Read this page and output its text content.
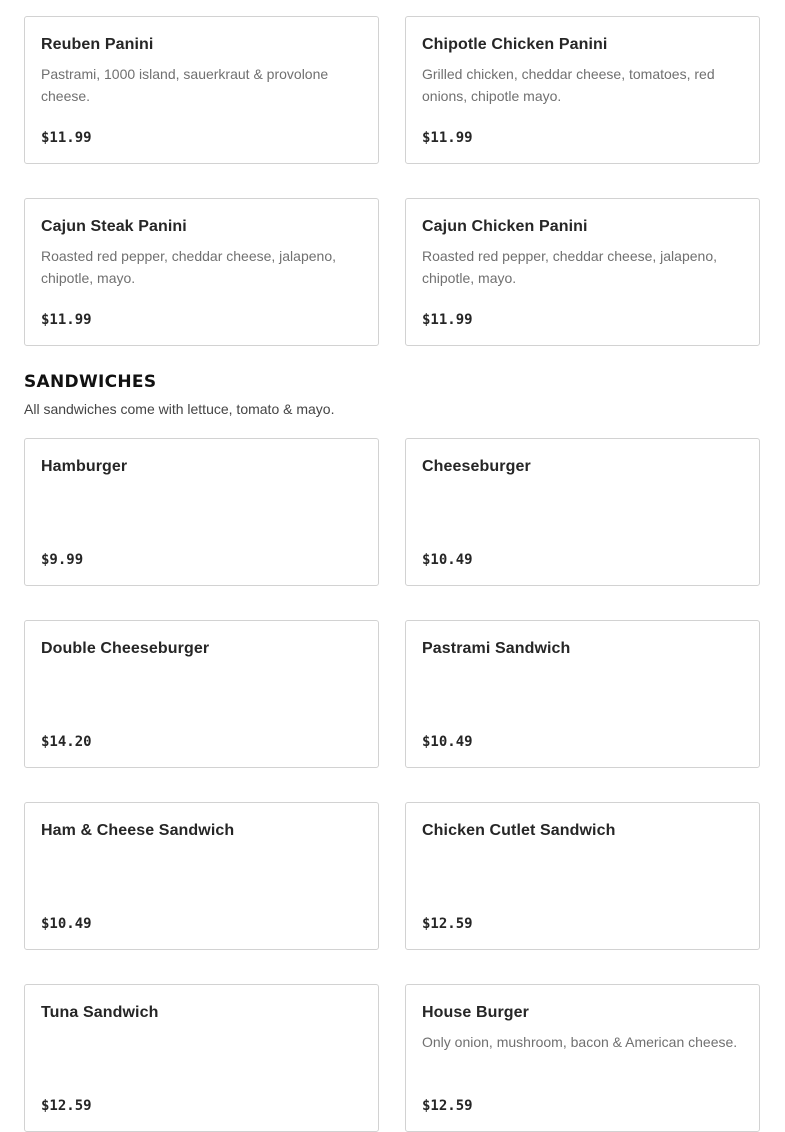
Reuben Panini
Pastrami, 1000 island, sauerkraut & provolone cheese.
$11.99
Chipotle Chicken Panini
Grilled chicken, cheddar cheese, tomatoes, red onions, chipotle mayo.
$11.99
Cajun Steak Panini
Roasted red pepper, cheddar cheese, jalapeno, chipotle, mayo.
$11.99
Cajun Chicken Panini
Roasted red pepper, cheddar cheese, jalapeno, chipotle, mayo.
$11.99
SANDWICHES
All sandwiches come with lettuce, tomato & mayo.
Hamburger
$9.99
Cheeseburger
$10.49
Double Cheeseburger
$14.20
Pastrami Sandwich
$10.49
Ham & Cheese Sandwich
$10.49
Chicken Cutlet Sandwich
$12.59
Tuna Sandwich
$12.59
House Burger
Only onion, mushroom, bacon & American cheese.
$12.59
